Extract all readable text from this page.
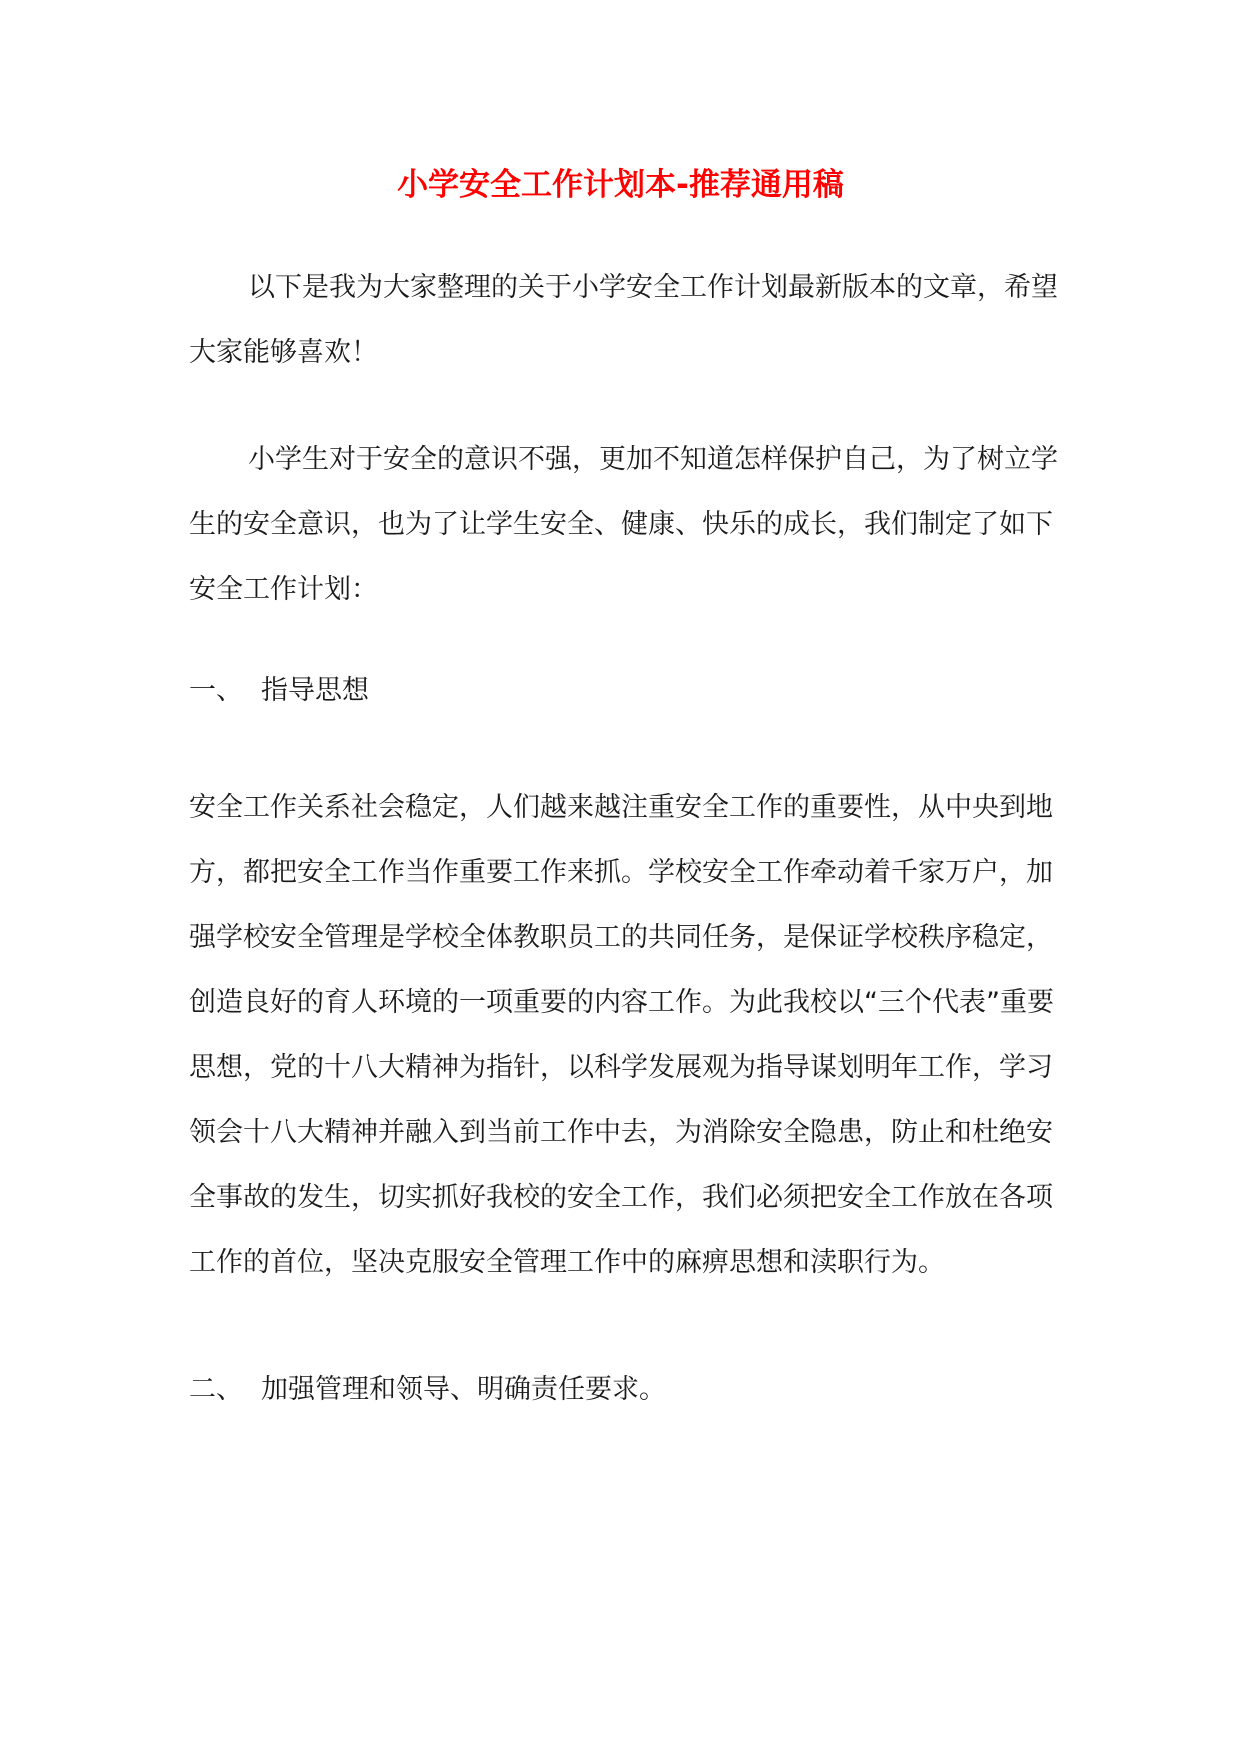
小学安全工作计划本-推荐通用稿

以下是我为大家整理的关于小学安全工作计划最新版本的文章，希望大家能够喜欢！

小学生对于安全的意识不强，更加不知道怎样保护自己，为了树立学生的安全意识，也为了让学生安全、健康、快乐的成长，我们制定了如下安全工作计划：

一、 指导思想

安全工作关系社会稳定，人们越来越注重安全工作的重要性，从中央到地方，都把安全工作当作重要工作来抓。学校安全工作牵动着千家万户，加强学校安全管理是学校全体教职员工的共同任务，是保证学校秩序稳定，创造良好的育人环境的一项重要的内容工作。为此我校以“三个代表”重要思想，党的十八大精神为指针，以科学发展观为指导谋划明年工作，学习领会十八大精神并融入到当前工作中去，为消除安全隐患，防止和杜绝安全事故的发生，切实抓好我校的安全工作，我们必须把安全工作放在各项工作的首位，坚决克服安全管理工作中的麻痹思想和渎职行为。

二、 加强管理和领导、明确责任要求。
